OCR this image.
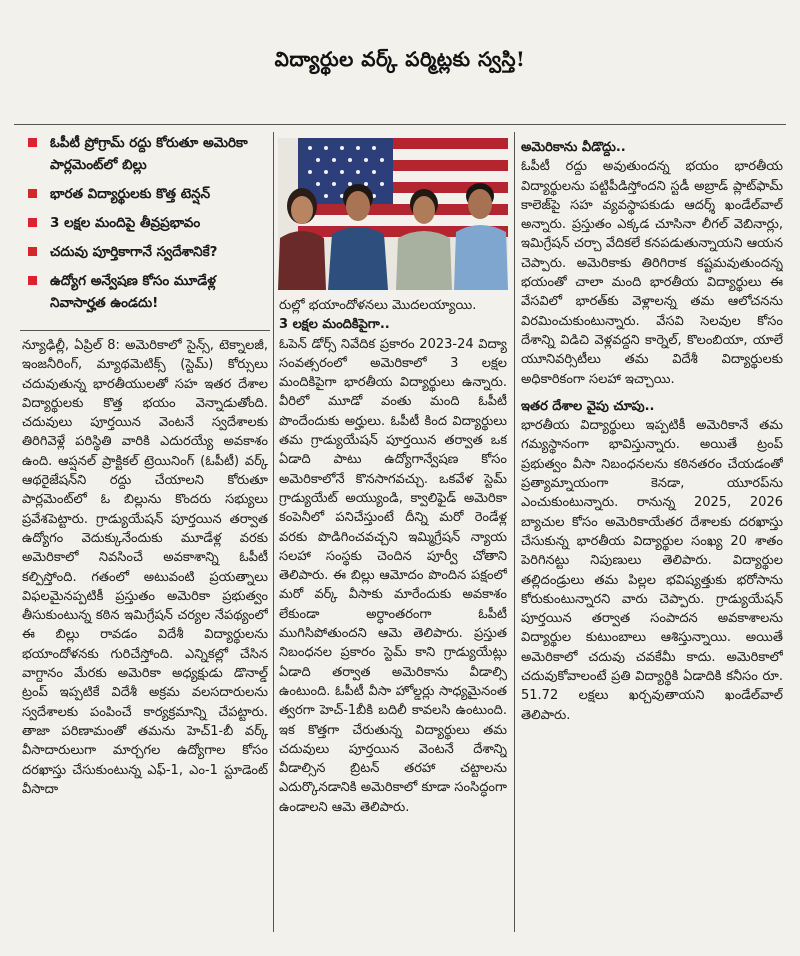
విద్యార్థుల వర్క్ పర్మిట్లకు స్వస్తి!
ఓపీటీ ప్రోగ్రామ్ రద్దు కోరుతూ అమెరికా పార్లమెంట్‌లో బిల్లు
భారత విద్యార్థులకు కొత్త టెన్షన్
3 లక్షల మందిపై తీవ్రప్రభావం
చదువు పూర్తికాగానే స్వదేశానికే?
ఉద్యోగ అన్వేషణ కోసం మూడేళ్ల నివాసార్హత ఉండదు!

న్యూఢిల్లీ, ఏప్రిల్ 8: అమెరికాలో సైన్స్, టెక్నాలజీ, ఇంజనీరింగ్, మ్యాథమెటిక్స్ (స్టెమ్) కోర్సులు చదువుతున్న భారతీయులతో సహ ఇతర దేశాల విద్యార్థులకు కొత్త భయం వెన్నాడుతోంది. చదువులు పూర్తయిన వెంటనే స్వదేశాలకు తిరిగివెళ్లే పరిస్థితి వారికి ఎదురయ్యే అవకాశం ఉంది. ఆప్షనల్ ప్రాక్టికల్ ట్రెయినింగ్ (ఓపీటీ) వర్క్ ఆథరైజేషన్‌ని రద్దు చేయాలని కోరుతూ పార్లమెంట్‌లో ఓ బిల్లును కొందరు సభ్యులు ప్రవేశపెట్టారు. గ్రాడ్యుయేషన్ పూర్తయిన తర్వాత ఉద్యోగం వెదుక్కునేందుకు మూడేళ్ల వరకు అమెరికాలో నివసించే అవకాశాన్ని ఓపీటీ కల్పిస్తోంది. గతంలో అటువంటి ప్రయత్నాలు విఫలమైనప్పటికీ ప్రస్తుతం అమెరికా ప్రభుత్వం తీసుకుంటున్న కఠిన ఇమిగ్రేషన్ చర్యల నేపథ్యంలో ఈ బిల్లు రావడం విదేశీ విద్యార్థులను భయాందోళనకు గురిచేస్తోంది. ఎన్నికల్లో చేసిన వాగ్దానం మేరకు అమెరికా అధ్యక్షుడు డొనాల్డ్ ట్రంప్ ఇప్పటికే విదేశీ అక్రమ వలసదారులను స్వదేశాలకు పంపించే కార్యక్రమాన్ని చేపట్టారు. తాజా పరిణామంతో తమను హెచ్1-బీ వర్క్ వీసాదారులుగా మార్చగల ఉద్యోగాల కోసం దరఖాస్తు చేసుకుంటున్న ఎఫ్-1, ఎం-1 స్టూడెంట్ వీసాదా

రుల్లో భయాందోళనలు మొదలయ్యాయి.

3 లక్షల మందికిపైగా..

ఓపెన్ డోర్స్ నివేదిక ప్రకారం 2023-24 విద్యా సంవత్సరంలో అమెరికాలో 3 లక్షల మందికిపైగా భారతీయ విద్యార్థులు ఉన్నారు. వీరిలో మూడో వంతు మంది ఓపీటీ పొందేందుకు అర్హులు. ఓపీటీ కింద విద్యార్థులు తమ గ్రాడ్యుయేషన్ పూర్తయిన తర్వాత ఒక ఏడాది పాటు ఉద్యోగాన్వేషణ కోసం అమెరికాలోనే కొనసాగవచ్చు. ఒకవేళ స్టెమ్ గ్రాడ్యుయేట్ అయ్యుండి, క్వాలిఫైడ్ అమెరికా కంపెనీలో పనిచేస్తుంటే దీన్ని మరో రెండేళ్ల వరకు పొడిగించవచ్చని ఇమ్మిగ్రేషన్ న్యాయ సలహా సంస్థకు చెందిన పూర్వీ చోతాని తెలిపారు. ఈ బిల్లు ఆమోదం పొందిన పక్షంలో మరో వర్క్ వీసాకు మారేందుకు అవకాశం లేకుండా అర్ధాంతరంగా ఓపీటీ ముగిసిపోతుందని ఆమె తెలిపారు. ప్రస్తుత నిబంధనల ప్రకారం స్టెమ్ కాని గ్రాడ్యుయేట్లు ఏడాది తర్వాత అమెరికాను వీడాల్సి ఉంటుంది. ఓపీటీ వీసా హోల్డర్లు సాధ్యమైనంత త్వరగా హెచ్-1బీకి బదిలీ కావలసి ఉంటుంది. ఇక కొత్తగా చేరుతున్న విద్యార్థులు తమ చదువులు పూర్తయిన వెంటనే దేశాన్ని వీడాల్సిన బ్రిటన్ తరహా చట్టాలను ఎదుర్కొనడానికి అమెరికాలో కూడా సంసిద్ధంగా ఉండాలని ఆమె తెలిపారు.

అమెరికాను వీడొద్దు..

ఓపీటీ రద్దు అవుతుందన్న భయం భారతీయ విద్యార్థులను పట్టిపీడిస్తోందని స్టడీ అబ్రాడ్ ప్లాట్‌ఫామ్ కాలెజ్‌పై సహ వ్యవస్థాపకుడు ఆదర్శ్ ఖండేల్‌వాల్ అన్నారు. ప్రస్తుతం ఎక్కడ చూసినా లీగల్ వెబినార్లు, ఇమిగ్రేషన్ చర్చా వేదికలే కనపడుతున్నాయని ఆయన చెప్పారు. అమెరికాకు తిరిగిరాక కష్టమవుతుందన్న భయంతో చాలా మంది భారతీయ విద్యార్థులు ఈ వేసవిలో భారత్‌కు వెళ్లాలన్న తమ ఆలోచనను విరమించుకుంటున్నారు. వేసవి సెలవుల కోసం దేశాన్ని విడిచి వెళ్లవద్దని కార్నెల్, కొలంబియా, యాలే యూనివర్సిటీలు తమ విదేశీ విద్యార్థులకు అధికారికంగా సలహా ఇచ్చాయి.

ఇతర దేశాల వైపు చూపు..

భారతీయ విద్యార్థులు ఇప్పటికీ అమెరికానే తమ గమ్యస్థానంగా భావిస్తున్నారు. అయితే ట్రంప్ ప్రభుత్వం వీసా నిబంధనలను కఠినతరం చేయడంతో ప్రత్యామ్నాయంగా కెనడా, యూరప్‌ను ఎంచుకుంటున్నారు. రానున్న 2025, 2026 బ్యాచుల కోసం అమెరికాయేతర దేశాలకు దరఖాస్తు చేసుకున్న భారతీయ విద్యార్థుల సంఖ్య 20 శాతం పెరిగినట్టు నిపుణులు తెలిపారు. విద్యార్థుల తల్లిదండ్రులు తమ పిల్లల భవిష్యత్తుకు భరోసాను కోరుకుంటున్నారని వారు చెప్పారు. గ్రాడ్యుయేషన్ పూర్తయిన తర్వాత సంపాదన అవకాశాలను విద్యార్థుల కుటుంబాలు ఆశిస్తున్నాయి. అయితే అమెరికాలో చదువు చవకేమీ కాదు. అమెరికాలో చదువుకోవాలంటే ప్రతి విద్యార్థికి ఏడాదికి కనీసం రూ. 51.72 లక్షలు ఖర్చవుతాయని ఖండేల్‌వాల్ తెలిపారు.
